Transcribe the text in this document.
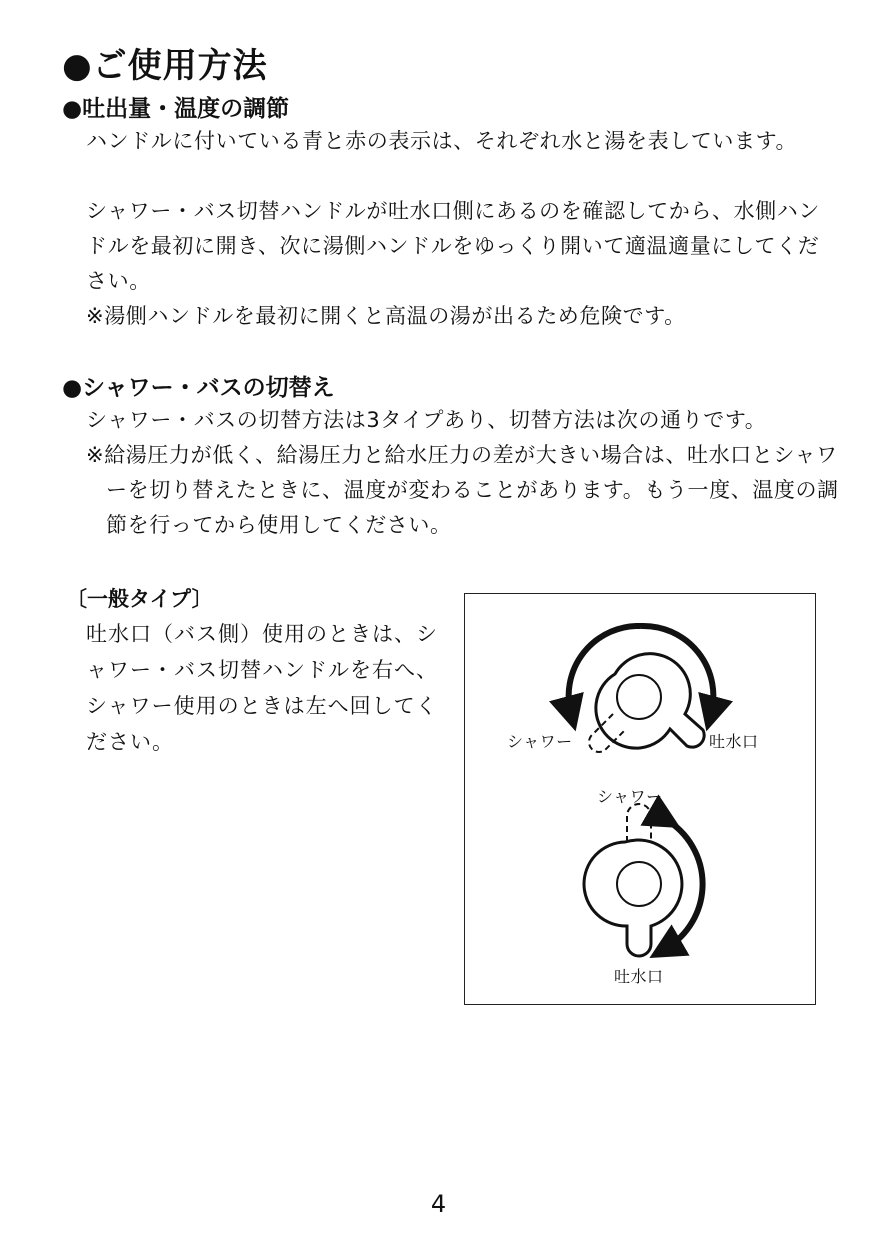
●ご使用方法
●吐出量・温度の調節

ハンドルに付いている青と赤の表示は、それぞれ水と湯を表しています。

シャワー・バス切替ハンドルが吐水口側にあるのを確認してから、水側ハンドルを最初に開き、次に湯側ハンドルをゆっくり開いて適温適量にしてください。

※湯側ハンドルを最初に開くと高温の湯が出るため危険です。

●シャワー・バスの切替え

シャワー・バスの切替方法は3タイプあり、切替方法は次の通りです。

※給湯圧力が低く、給湯圧力と給水圧力の差が大きい場合は、吐水口とシャワーを切り替えたときに、温度が変わることがあります。もう一度、温度の調節を行ってから使用してください。

〔一般タイプ〕

吐水口（バス側）使用のときは、シャワー・バス切替ハンドルを右へ、シャワー使用のときは左へ回してください。	シャワー	吐水口
シャワー
吐水口
4
